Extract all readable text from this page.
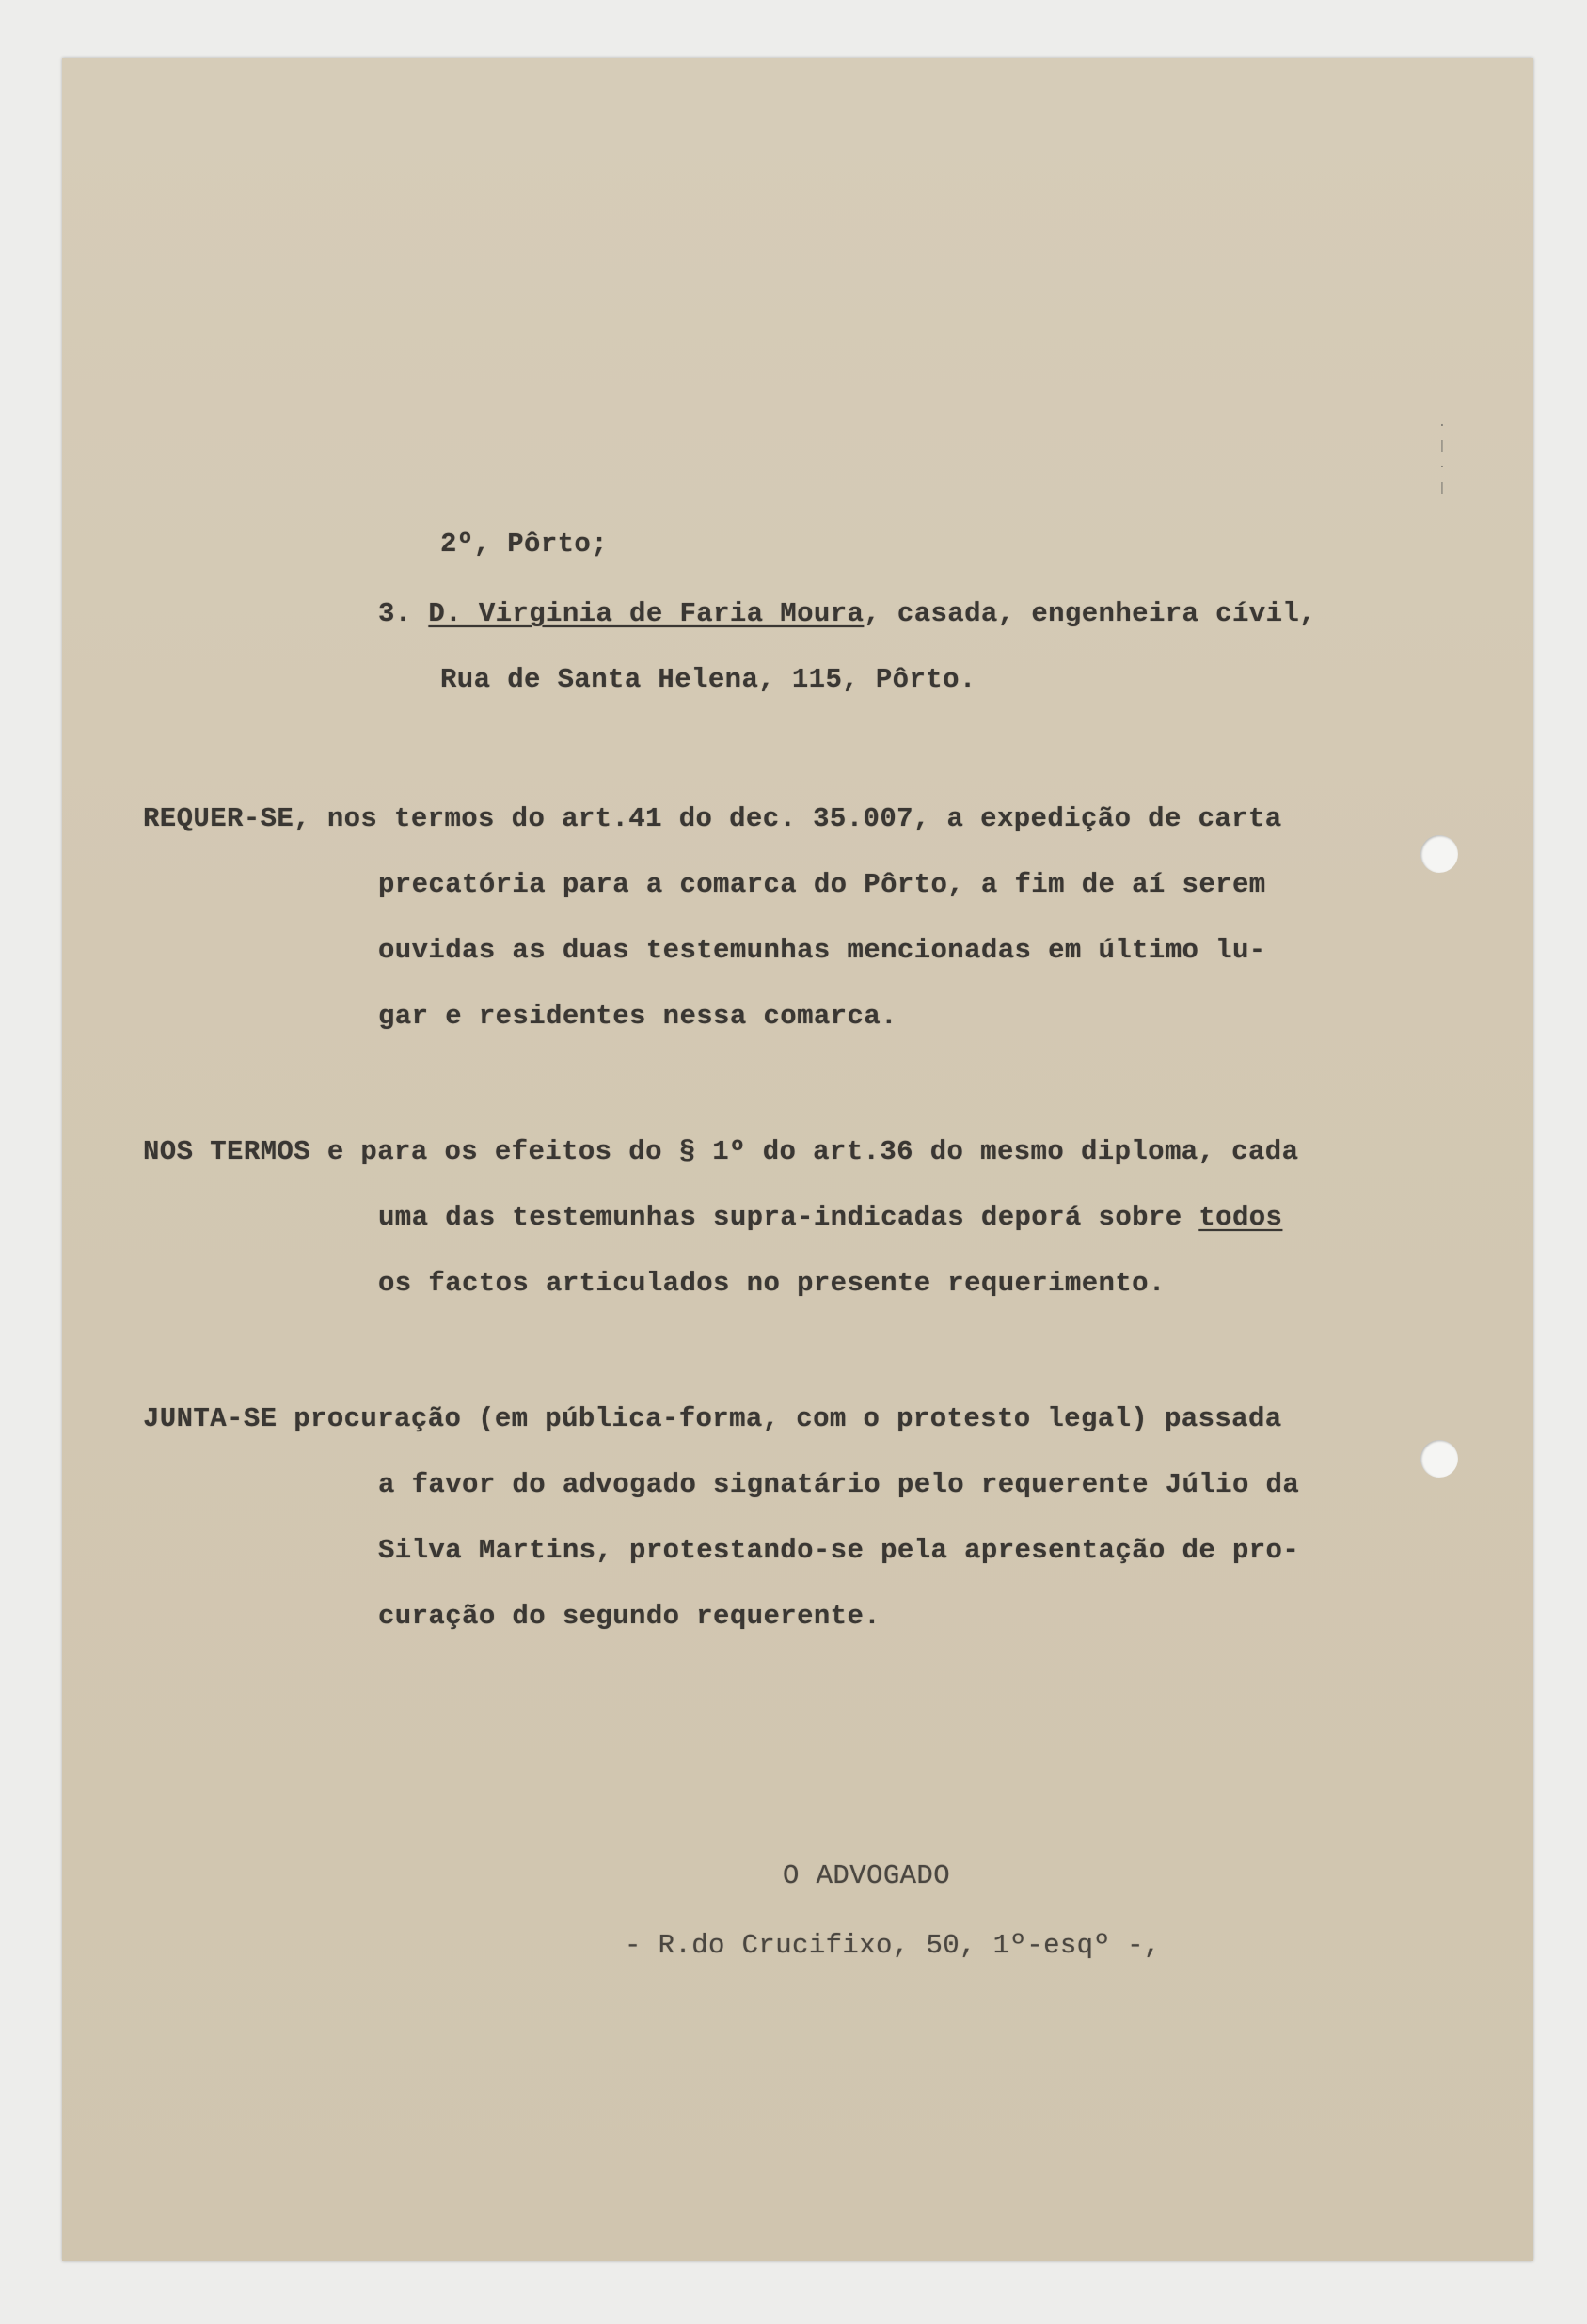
·
|
·
|
2º, Pôrto;
3. D. Virginia de Faria Moura, casada, engenheira cívil,
Rua de Santa Helena, 115, Pôrto.
REQUER-SE, nos termos do art.41 do dec. 35.007, a expedição de carta
precatória para a comarca do Pôrto, a fim de aí serem
ouvidas as duas testemunhas mencionadas em último lu-
gar e residentes nessa comarca.
NOS TERMOS e para os efeitos do § 1º do art.36 do mesmo diploma, cada
uma das testemunhas supra-indicadas deporá sobre todos
os factos articulados no presente requerimento.
JUNTA-SE procuração (em pública-forma, com o protesto legal) passada
a favor do advogado signatário pelo requerente Júlio da
Silva Martins, protestando-se pela apresentação de pro-
curação do segundo requerente.
O ADVOGADO
- R.do Crucifixo, 50, 1º-esqº -,
